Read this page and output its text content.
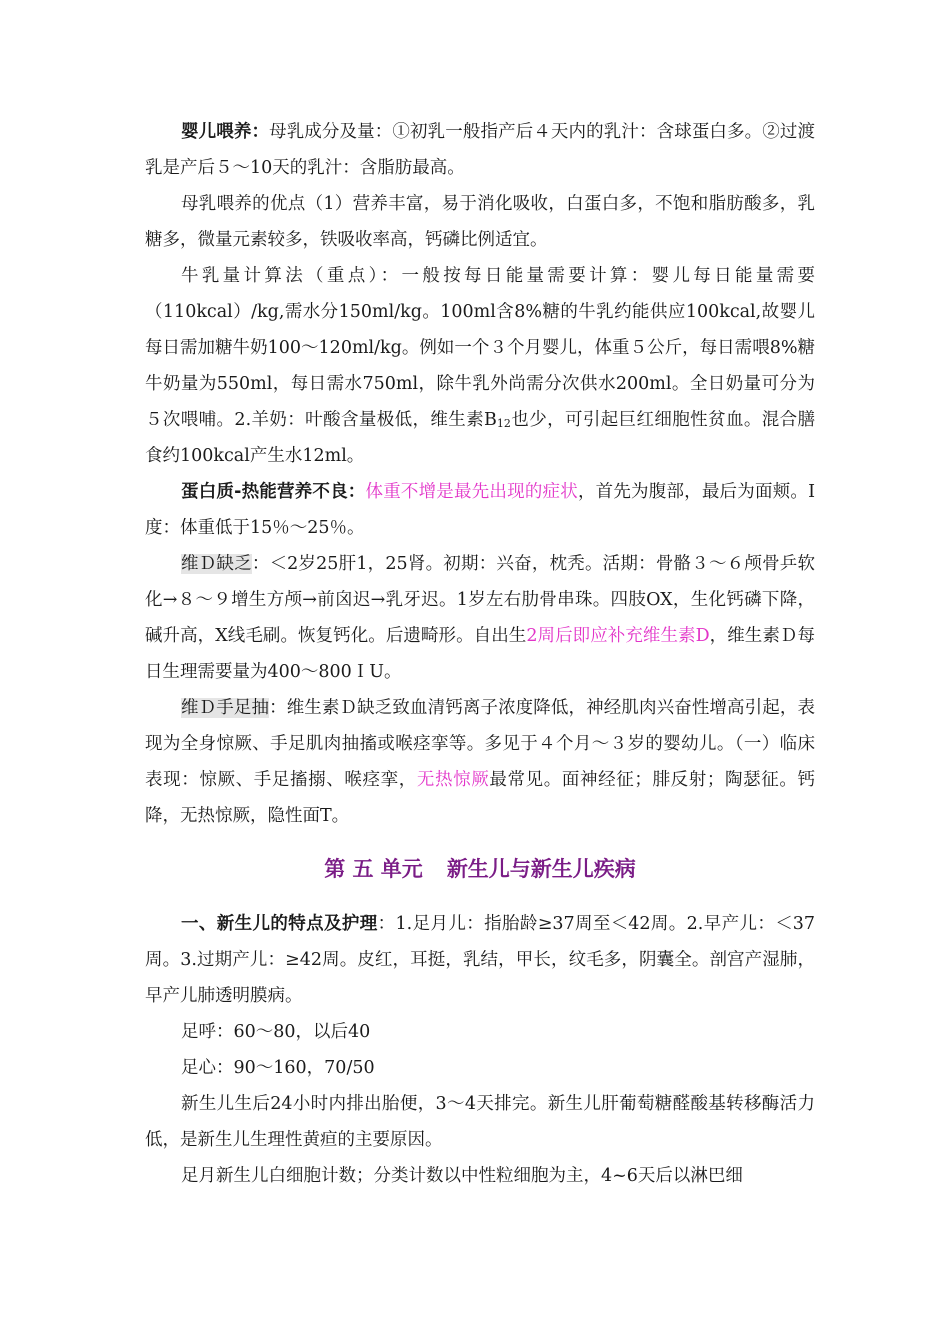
婴儿喂养：母乳成分及量：①初乳一般指产后４天内的乳汁：含球蛋白多。②过渡乳是产后５～10天的乳汁：含脂肪最高。

母乳喂养的优点（1）营养丰富，易于消化吸收，白蛋白多，不饱和脂肪酸多，乳糖多，微量元素较多，铁吸收率高，钙磷比例适宜。

牛乳量计算法（重点）：一般按每日能量需要计算：婴儿每日能量需要（110kcal）/kg,需水分150ml/kg。100ml含8%糖的牛乳约能供应100kcal,故婴儿每日需加糖牛奶100～120ml/kg。例如一个３个月婴儿，体重５公斤，每日需喂8%糖牛奶量为550ml，每日需水750ml，除牛乳外尚需分次供水200ml。全日奶量可分为５次喂哺。2.羊奶：叶酸含量极低，维生素$B_{12}$也少，可引起巨红细胞性贫血。混合膳食约100kcal产生水12ml。

蛋白质-热能营养不良：体重不增是最先出现的症状，首先为腹部，最后为面颊。Ⅰ度：体重低于15％～25％。

维Ｄ缺乏：＜2岁25肝1，25肾。初期：兴奋，枕秃。活期：骨骼３～６颅骨乒软化→８～９增生方颅→前囟迟→乳牙迟。1岁左右肋骨串珠。四肢OX，生化钙磷下降，碱升高，X线毛刷。恢复钙化。后遗畸形。自出生2周后即应补充维生素D，维生素Ｄ每日生理需要量为400～800ＩU。

维Ｄ手足抽：维生素Ｄ缺乏致血清钙离子浓度降低，神经肌肉兴奋性增高引起，表现为全身惊厥、手足肌肉抽搐或喉痉挛等。多见于４个月～３岁的婴幼儿。（一）临床表现：惊厥、手足搐搦、喉痉挛，无热惊厥最常见。面神经征；腓反射；陶瑟征。钙降，无热惊厥，隐性面T。

第 五 单元 新生儿与新生儿疾病

一、新生儿的特点及护理：1.足月儿：指胎龄≥37周至＜42周。2.早产儿：＜37周。3.过期产儿：≥42周。皮红，耳挺，乳结，甲长，纹毛多，阴囊全。剖宫产湿肺，早产儿肺透明膜病。

足呼：60～80，以后40

足心：90～160，70/50

新生儿生后24小时内排出胎便，3～4天排完。新生儿肝葡萄糖醛酸基转移酶活力低，是新生儿生理性黄疸的主要原因。

足月新生儿白细胞计数；分类计数以中性粒细胞为主，4~6天后以淋巴细
